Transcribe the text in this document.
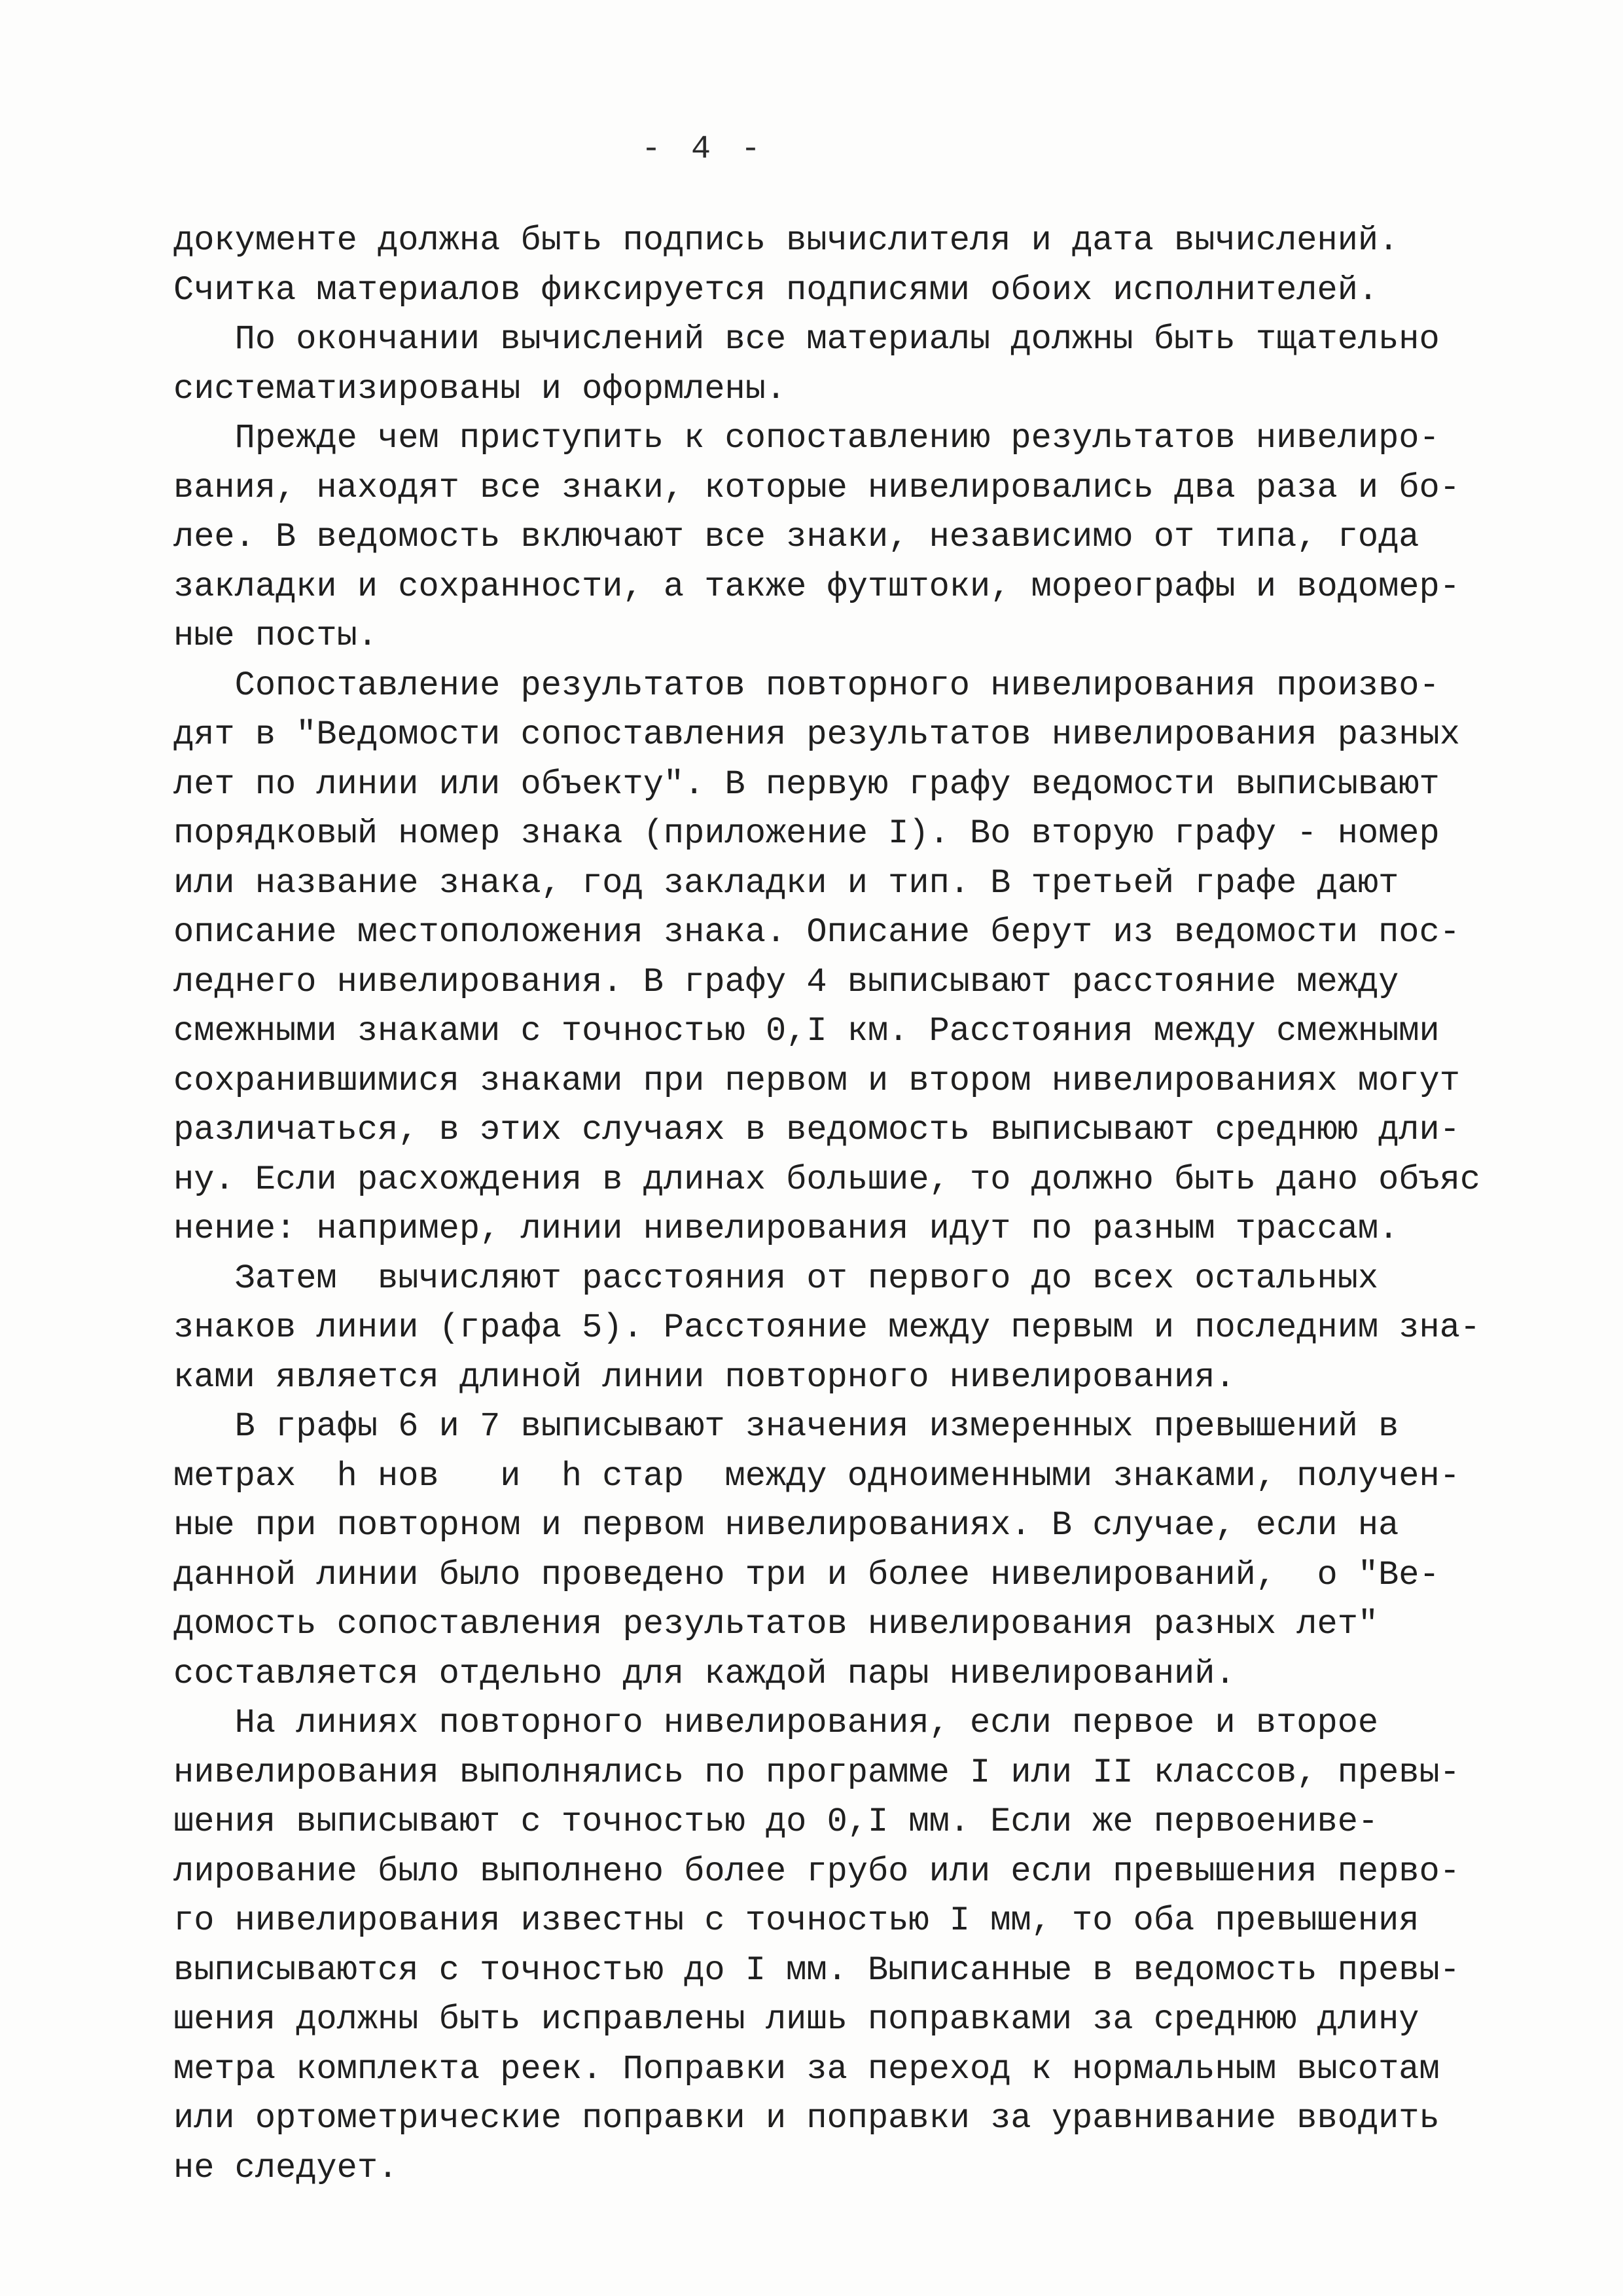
- 4 -
документе должна быть подпись вычислителя и дата вычислений.
Считка материалов фиксируется подписями обоих исполнителей.
По окончании вычислений все материалы должны быть тщательно
систематизированы и оформлены.
Прежде чем приступить к сопоставлению результатов нивелиро-
вания, находят все знаки, которые нивелировались два раза и бо-
лее. В ведомость включают все знаки, независимо от типа, года
закладки и сохранности, а также футштоки, мореографы и водомер-
ные посты.
Сопоставление результатов повторного нивелирования произво-
дят в "Ведомости сопоставления результатов нивелирования разных
лет по линии или объекту". В первую графу ведомости выписывают
порядковый номер знака (приложение I). Во вторую графу - номер
или название знака, год закладки и тип. В третьей графе дают
описание местоположения знака. Описание берут из ведомости пос-
леднего нивелирования. В графу 4 выписывают расстояние между
смежными знаками с точностью 0,I км. Расстояния между смежными
сохранившимися знаками при первом и втором нивелированиях могут
различаться, в этих случаях в ведомость выписывают среднюю дли-
ну. Если расхождения в длинах большие, то должно быть дано объяс
нение: например, линии нивелирования идут по разным трассам.
Затем  вычисляют расстояния от первого до всех остальных
знаков линии (графа 5). Расстояние между первым и последним зна-
ками является длиной линии повторного нивелирования.
В графы 6 и 7 выписывают значения измеренных превышений в
метрах  h нов   и  h стар  между одноименными знаками, получен-
ные при повторном и первом нивелированиях. В случае, если на
данной линии было проведено три и более нивелирований,  о "Ве-
домость сопоставления результатов нивелирования разных лет"
составляется отдельно для каждой пары нивелирований.
На линиях повторного нивелирования, если первое и второе
нивелирования выполнялись по программе I или II классов, превы-
шения выписывают с точностью до 0,I мм. Если же первоениве-
лирование было выполнено более грубо или если превышения перво-
го нивелирования известны с точностью I мм, то оба превышения
выписываются с точностью до I мм. Выписанные в ведомость превы-
шения должны быть исправлены лишь поправками за среднюю длину
метра комплекта реек. Поправки за переход к нормальным высотам
или ортометрические поправки и поправки за уравнивание вводить
не следует.
